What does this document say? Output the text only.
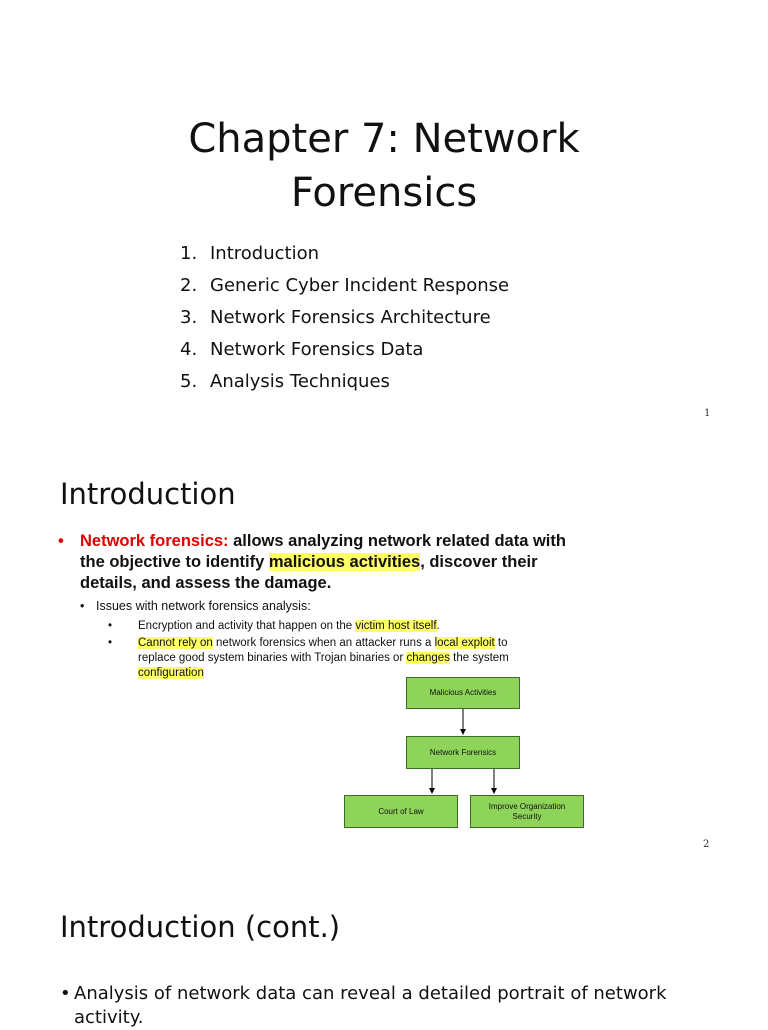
Chapter 7: Network
Forensics
1. Introduction
2. Generic Cyber Incident Response
3. Network Forensics Architecture
4. Network Forensics Data
5. Analysis Techniques
1
Introduction
• Network forensics: allows analyzing network related data with the objective to identify malicious activities, discover their details, and assess the damage.
• Issues with network forensics analysis:
•	Encryption and activity that happen on the victim host itself.
•	Cannot rely on network forensics when an attacker runs a local exploit to replace good system binaries with Trojan binaries or changes the system configuration
Malicious Activities
Network Forensics
Court of Law
Improve Organization
Security
2
Introduction (cont.)
• Analysis of network data can reveal a detailed portrait of network activity.
